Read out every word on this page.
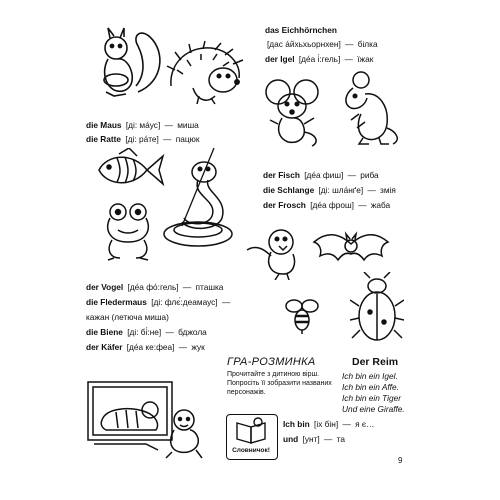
das Eichhörnchen
[дас а́йхьхьорнхен] — білка
der Igel [де́а і́:гель] — їжак
die Maus [ді: ма́ус] — миша
die Ratte [ді: ра́те] — пацюк
der Fisch [де́а фиш] — риба
die Schlange [ді: шла́нґе] — змія
der Frosch [де́а фрош] — жаба
der Vogel [де́а фо́:гель] — пташка
die Fledermaus [ді: флє́:деамаус] —
кажан (летюча миша)
die Biene [ді: бі́:не] — бджола
der Käfer [де́а ке:феа] — жук
ГРА-РОЗМИНКА
Прочитайте з дитиною вірш. Попросіть її зобразити названих персонажів.
Der Reim
Ich bin ein Igel.
Ich bin ein Affe.
Ich bin ein Tiger
Und eine Giraffe.
Словничок!
Ich bin [іх бін] — я є…
und [унт] — та
9
